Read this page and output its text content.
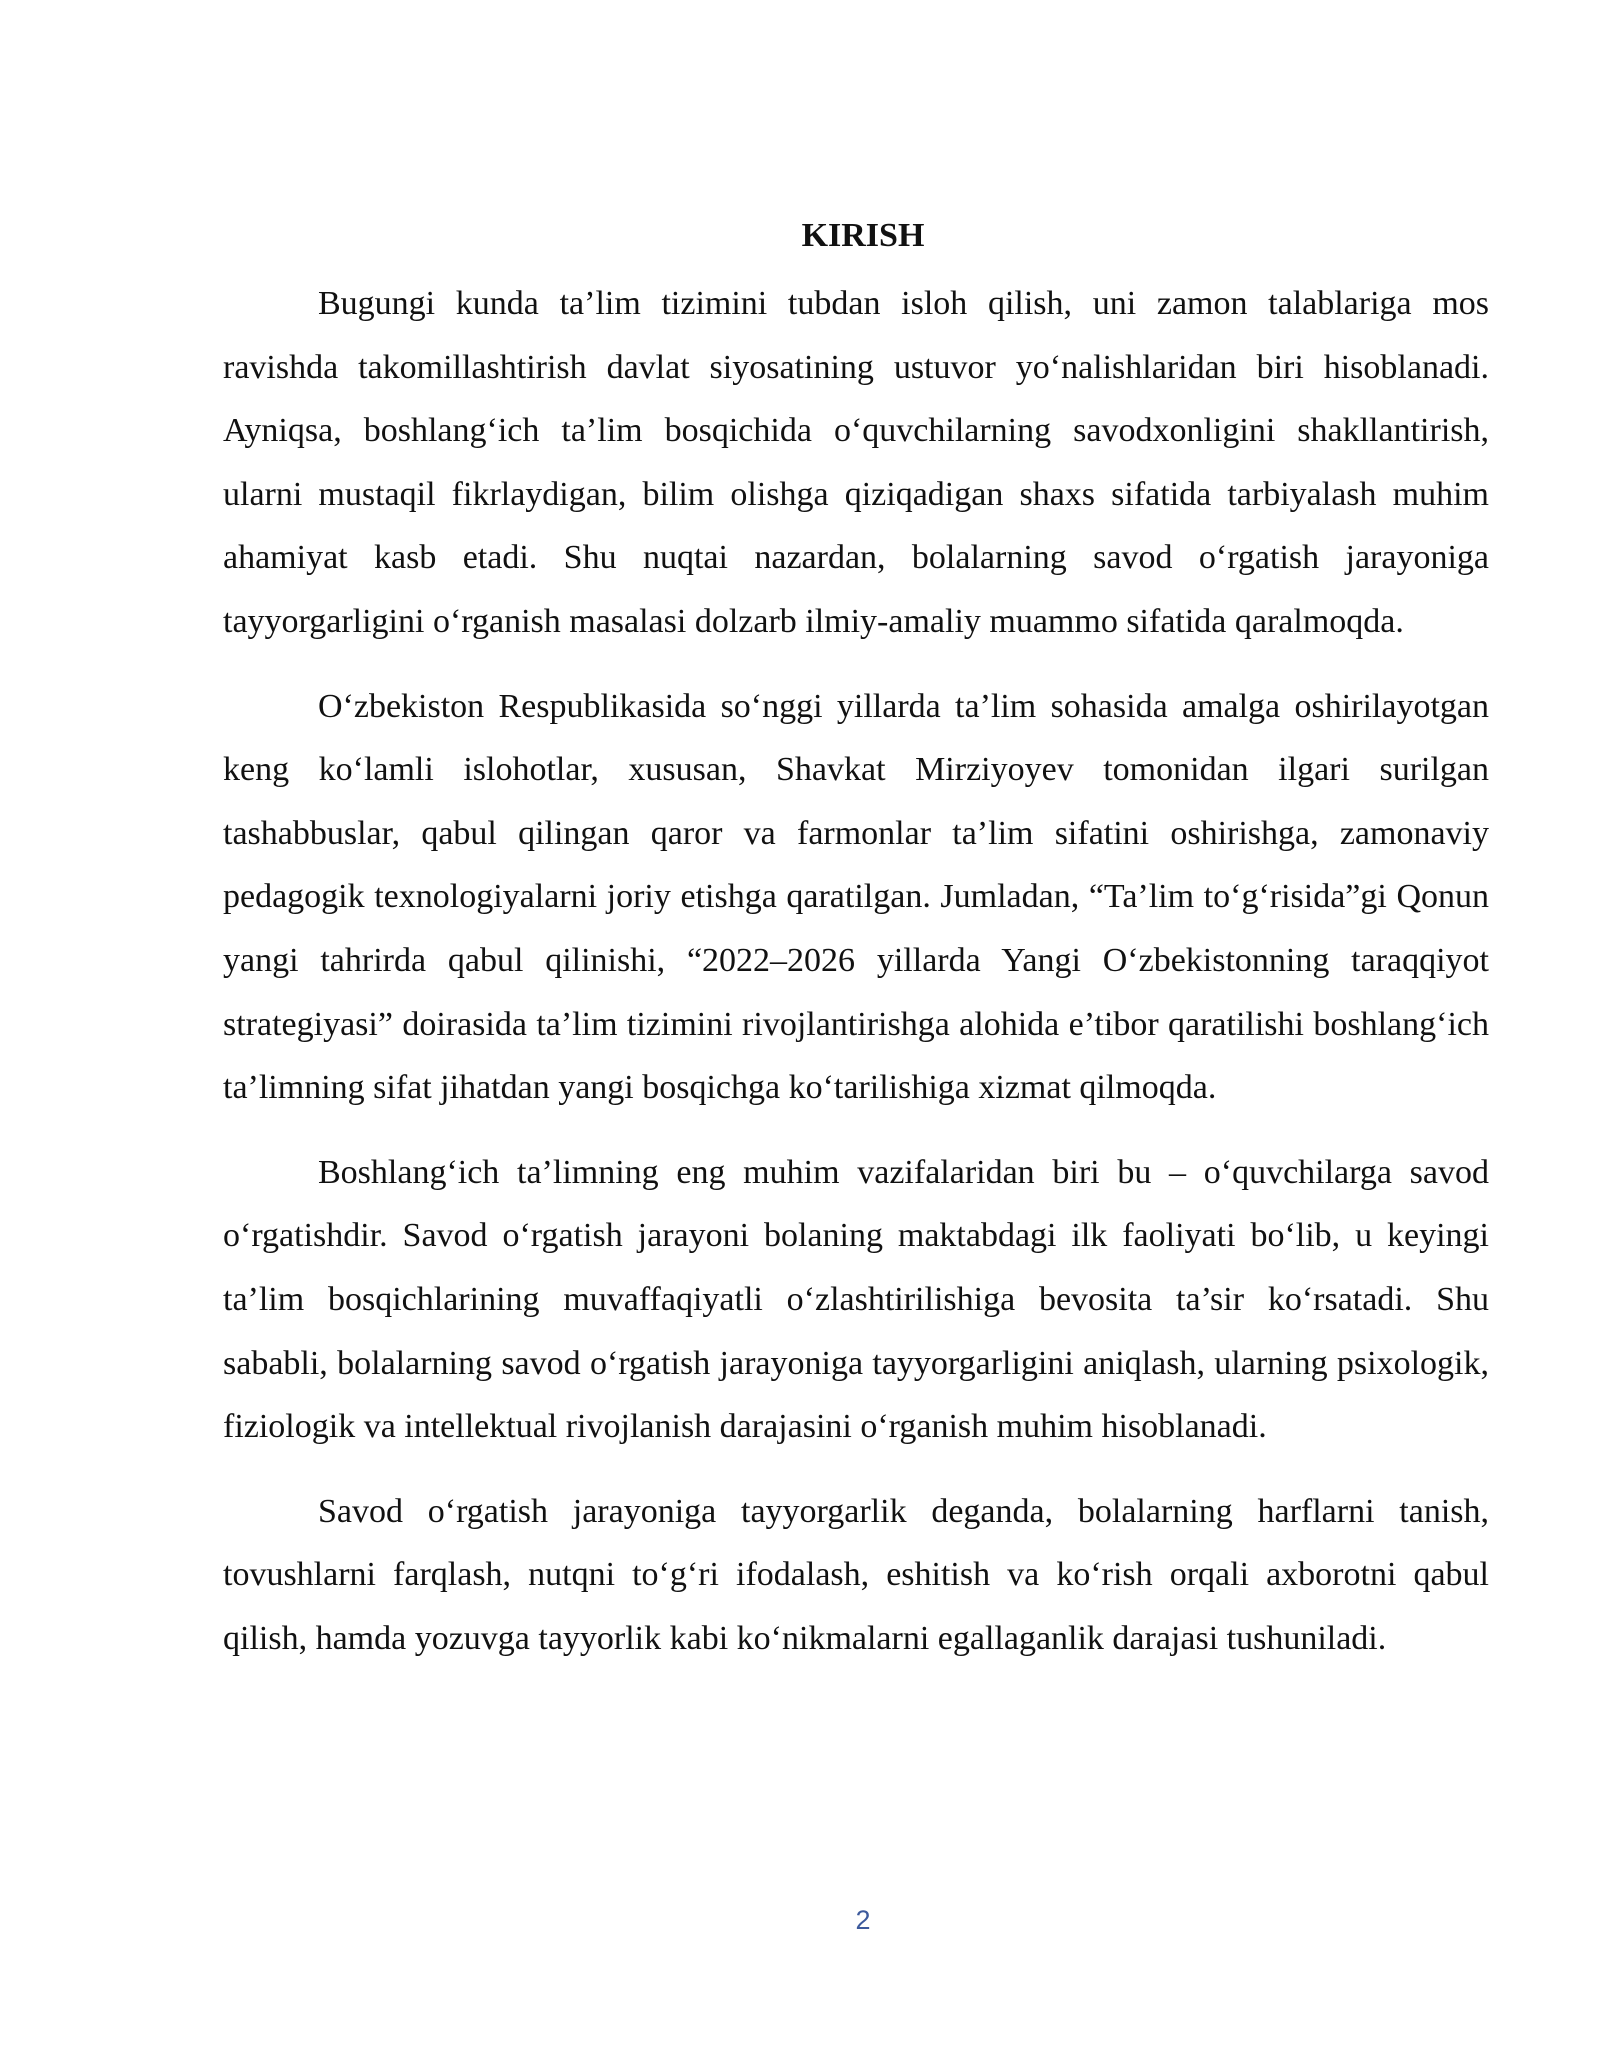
KIRISH

Bugungi kunda ta’lim tizimini tubdan isloh qilish, uni zamon talablariga mos ravishda takomillashtirish davlat siyosatining ustuvor yo‘nalishlaridan biri hisoblanadi. Ayniqsa, boshlang‘ich ta’lim bosqichida o‘quvchilarning savodxonligini shakllantirish, ularni mustaqil fikrlaydigan, bilim olishga qiziqadigan shaxs sifatida tarbiyalash muhim ahamiyat kasb etadi. Shu nuqtai nazardan, bolalarning savod o‘rgatish jarayoniga tayyorgarligini o‘rganish masalasi dolzarb ilmiy-amaliy muammo sifatida qaralmoqda.

O‘zbekiston Respublikasida so‘nggi yillarda ta’lim sohasida amalga oshirilayotgan keng ko‘lamli islohotlar, xususan, Shavkat Mirziyoyev tomonidan ilgari surilgan tashabbuslar, qabul qilingan qaror va farmonlar ta’lim sifatini oshirishga, zamonaviy pedagogik texnologiyalarni joriy etishga qaratilgan. Jumladan, “Ta’lim to‘g‘risida”gi Qonun yangi tahrirda qabul qilinishi, “2022–2026 yillarda Yangi O‘zbekistonning taraqqiyot strategiyasi” doirasida ta’lim tizimini rivojlantirishga alohida e’tibor qaratilishi boshlang‘ich ta’limning sifat jihatdan yangi bosqichga ko‘tarilishiga xizmat qilmoqda.

Boshlang‘ich ta’limning eng muhim vazifalaridan biri bu – o‘quvchilarga savod o‘rgatishdir. Savod o‘rgatish jarayoni bolaning maktabdagi ilk faoliyati bo‘lib, u keyingi ta’lim bosqichlarining muvaffaqiyatli o‘zlashtirilishiga bevosita ta’sir ko‘rsatadi. Shu sababli, bolalarning savod o‘rgatish jarayoniga tayyorgarligini aniqlash, ularning psixologik, fiziologik va intellektual rivojlanish darajasini o‘rganish muhim hisoblanadi.

Savod o‘rgatish jarayoniga tayyorgarlik deganda, bolalarning harflarni tanish, tovushlarni farqlash, nutqni to‘g‘ri ifodalash, eshitish va ko‘rish orqali axborotni qabul qilish, hamda yozuvga tayyorlik kabi ko‘nikmalarni egallaganlik darajasi tushuniladi.

2
